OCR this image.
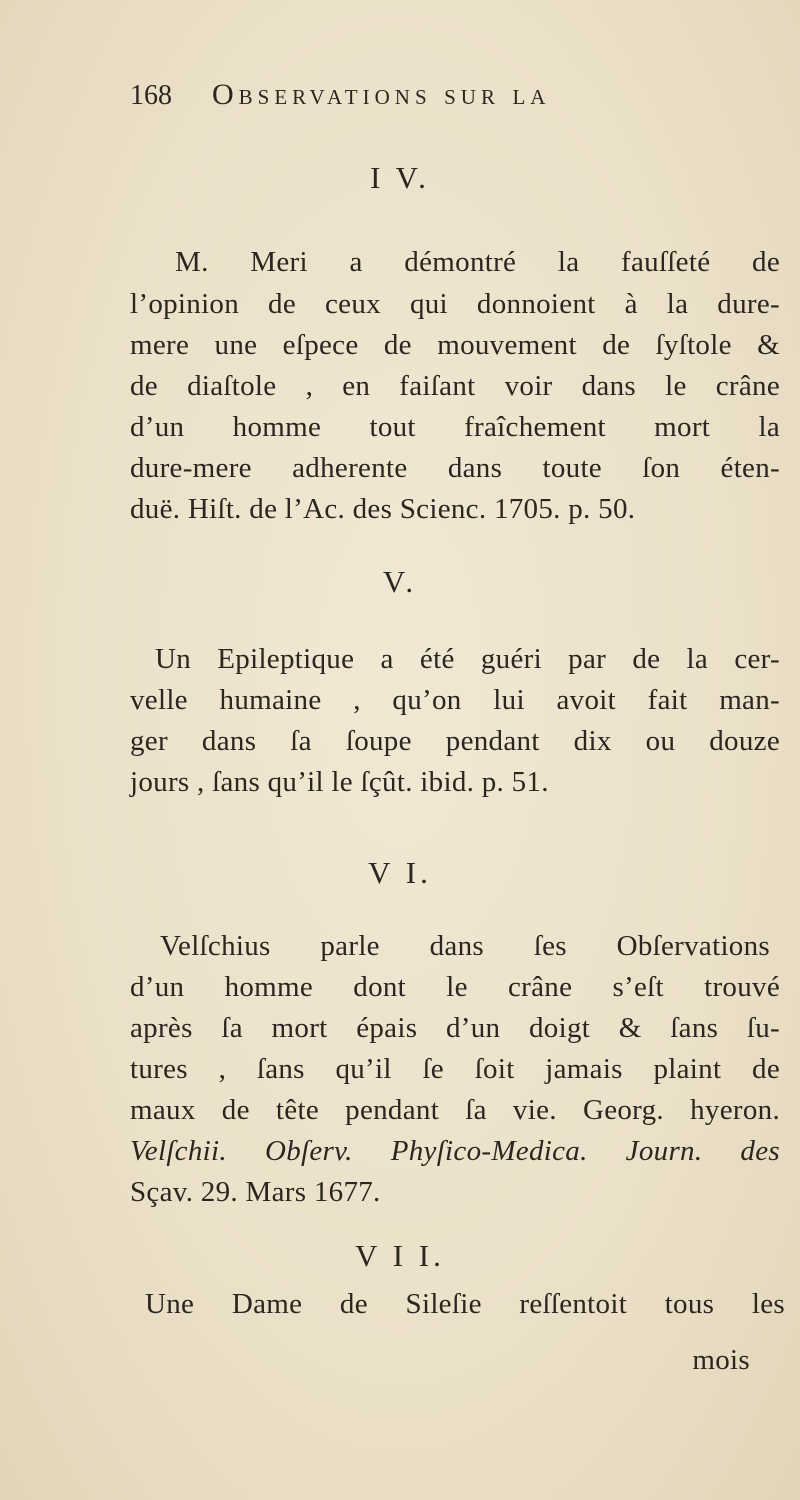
168 Observations sur la
I V.
M. Meri a démontré la fauſſeté de
l’opinion de ceux qui donnoient à la dure-
mere une eſpece de mouvement de ſyſtole &
de diaſtole , en faiſant voir dans le crâne
d’un homme tout fraîchement mort la
dure-mere adherente dans toute ſon éten-
duë. Hiſt. de l’Ac. des Scienc. 1705. p. 50.
V.
Un Epileptique a été guéri par de la cer-
velle humaine , qu’on lui avoit fait man-
ger dans ſa ſoupe pendant dix ou douze
jours , ſans qu’il le ſçût. ibid. p. 51.
V I.
Velſchius parle dans ſes Obſervations
d’un homme dont le crâne s’eſt trouvé
après ſa mort épais d’un doigt & ſans ſu-
tures , ſans qu’il ſe ſoit jamais plaint de
maux de tête pendant ſa vie. Georg. hyeron.
Velſchii. Obſerv. Phyſico-Medica. Journ. des
Sçav. 29. Mars 1677.
V I I.
Une Dame de Sileſie reſſentoit tous les
mois
